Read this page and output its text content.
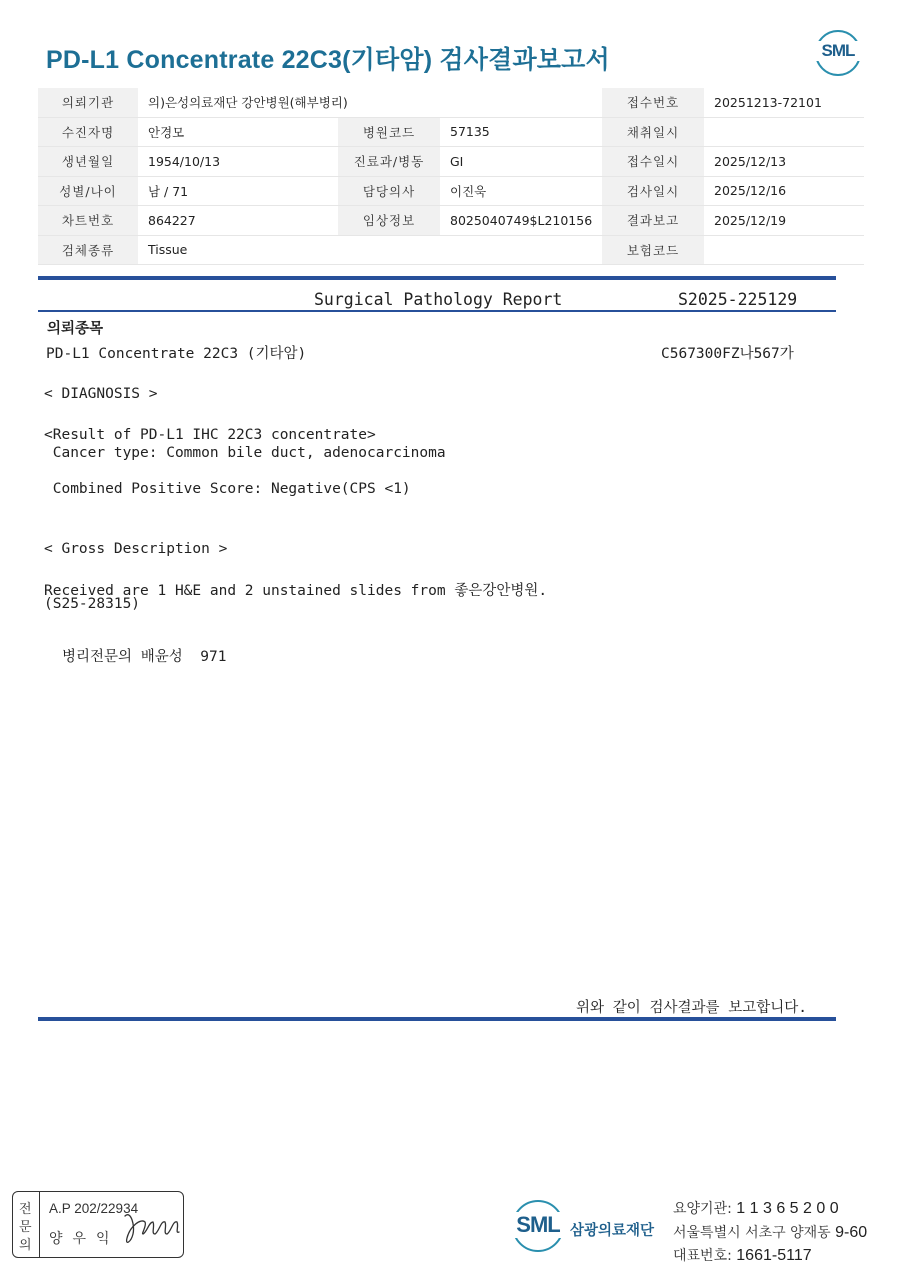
PD-L1 Concentrate 22C3(기타암) 검사결과보고서	SML
의뢰기관	의)은성의료재단 강안병원(해부병리)			접수번호	20251213-72101
수진자명	안경모	병원코드	57135	채취일시	
생년월일	1954/10/13	진료과/병동	GI	접수일시	2025/12/13
성별/나이	남 / 71	담당의사	이진욱	검사일시	2025/12/16
차트번호	864227	임상정보	8025040749$L210156	결과보고	2025/12/19
검체종류	Tissue			보험코드	
Surgical Pathology Report	S2025-225129
의뢰종목
PD-L1 Concentrate 22C3 (기타암)	C567300FZ나567가
< DIAGNOSIS >
<Result of PD-L1 IHC 22C3 concentrate>
Cancer type: Common bile duct, adenocarcinoma
Combined Positive Score: Negative(CPS <1)
< Gross Description >
Received are 1 H&E and 2 unstained slides from 좋은강안병원.
(S25-28315)
병리전문의 배윤성  971
위와 같이 검사결과를 보고합니다.
전
문
의
A.P 202/22934
양우익
SML 삼광의료재단
요양기관: 1 1 3 6 5 2 0 0
서울특별시 서초구 양재동 9-60
대표번호: 1661-5117
